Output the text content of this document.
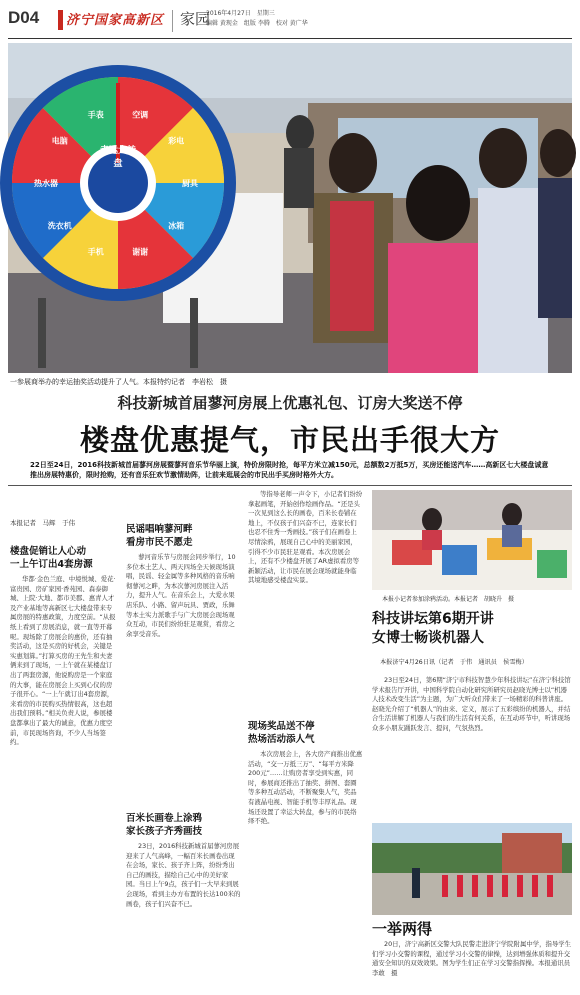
D04 济宁国家高新区 家园
2016年4月27日　星期三
编辑 黄现金　组版 李腾　校对 黄广华
空调
彩电
厨具
冰箱
谢谢
手机
洗衣机
热水器
电脑
手表
幸运大转盘
一参展商举办的幸运抽奖活动提升了人气。本报特约记者　李岩松　摄
科技新城首届蓼河房展上优惠礼包、订房大奖送不停
楼盘优惠提气，市民出手很大方
22日至24日，2016科技新城首届蓼河房展暨蓼河音乐节华丽上演，特价房限时抢，每平方米立减150元，总额数2万抵5万，买房还能送汽车……高新区七大楼盘诚意推出房展特惠价，限时抢购，还有音乐狂欢节激情助阵，让前来逛展会的市民出手买房时格外大方。
本报记者　马辉　于伟
楼盘促销让人心动
一上午订出4套房源
华都·金色兰庭、中境悦城、爱花·富贵园、房矿家园·香苑园、森泰御城、上院·大地、都市美郡、惠青人才及产业基地等高新区七大楼盘带来专属房展的特惠政策，力度空前。“从报纸上看到了房展消息，就一直等开幕呢。现场除了房展会的惠价，还有抽奖活动，这是买房的好机会，关键是实惠划算。”打算买房的王先生和夫妻俩来到了现场，一上午就在某楼盘订出了两套房源，他说购房是一个家庭的大事，能在房展会上买到心仪的房子很开心。“一上午就订出4套房源，来看房的市民购买热情很高，这也超出我们预料。”相关负责人说，参展楼盘都拿出了最大的诚意，优惠力度空前，市民现场咨询，不少人当场签约。
民谣唱响蓼河畔
看房市民不愿走
蓼河音乐节与房展会同步举行，10多位本土艺人、两天四场全天候现场演唱，民谣、轻金属等多种风格的音乐响彻蓼河之畔，为本次蓼河房展注入活力，提升人气。在音乐会上，大爱水果店乐队、小路、留声玩具、贾政，乐舞等本土实力派歌手与广大房展会现场观众互动，市民们纷纷驻足观赏，看房之余享受音乐。
百米长画卷上涂鸦
家长孩子齐秀画技
23日，2016科技新城首届蓼河房展迎来了人气高峰，一幅百米长画卷出现在会场，家长、孩子齐上阵，纷纷秀出自己的画技，描绘自己心中的美好家园。当日上午9点，孩子们一大早来到展会现场，看到主办方布置的长达100米的画卷，孩子们兴奋不已。
等指导老师一声令下，小记者们纷纷拿起画笔，开始创作绘画作品。“还是头一次见到这么长的画卷，百米长卷铺在地上，不仅孩子们兴奋不已，连家长们也忍不住秀一秀画技。”孩子们在画卷上尽情涂鸦，展现自己心中的美丽家园，引得不少市民驻足观看。本次房展会上，还有不少楼盘开展了AR虚拟看房等新颖活动，让市民在展会现场就能身临其境地感受楼盘实景。
现场奖品送不停
热场活动添人气
本次房展会上，各大房产商推出优惠活动，“交一万抵三万”、“每平方米降200元”……让购房者享受到实惠，同时，参展商还推出了抽奖、拼图、套圈等多种互动活动，不断聚集人气，奖品有液晶电视、智能手机等丰厚礼品。现场还设置了幸运大转盘，参与的市民络绎不绝。
本报小记者参加涂鸦活动。本报记者　胡晓升　摄
科技讲坛第6期开讲
女博士畅谈机器人
本报济宁4月26日讯（记者　于伟　通讯员　侯雪梅）
23日至24日，第6期“济宁市科技智慧少年科技讲坛”在济宁科技馆学术报告厅开讲，中国科学院自动化研究所研究员赵晓光博士以“机器人技术改变生活”为主题，为广大听众们带来了一场精彩的科普讲座。赵晓光介绍了“机器人”的由来、定义，展示了五彩缤纷的机器人，并结合生活讲解了机器人与我们的生活有何关系，在互动环节中，听讲现场众多小朋友踊跃发言、提问，气氛热烈。
一举两得
20日，济宁高新区交警大队民警走进济宁学院附属中学，指导学生们学习小交警的课程，通过学习小交警的律操，达到增强体质和提升交通安全知识的双效效果。图为学生们正在学习交警指挥操。本报通讯员　李敢　摄
